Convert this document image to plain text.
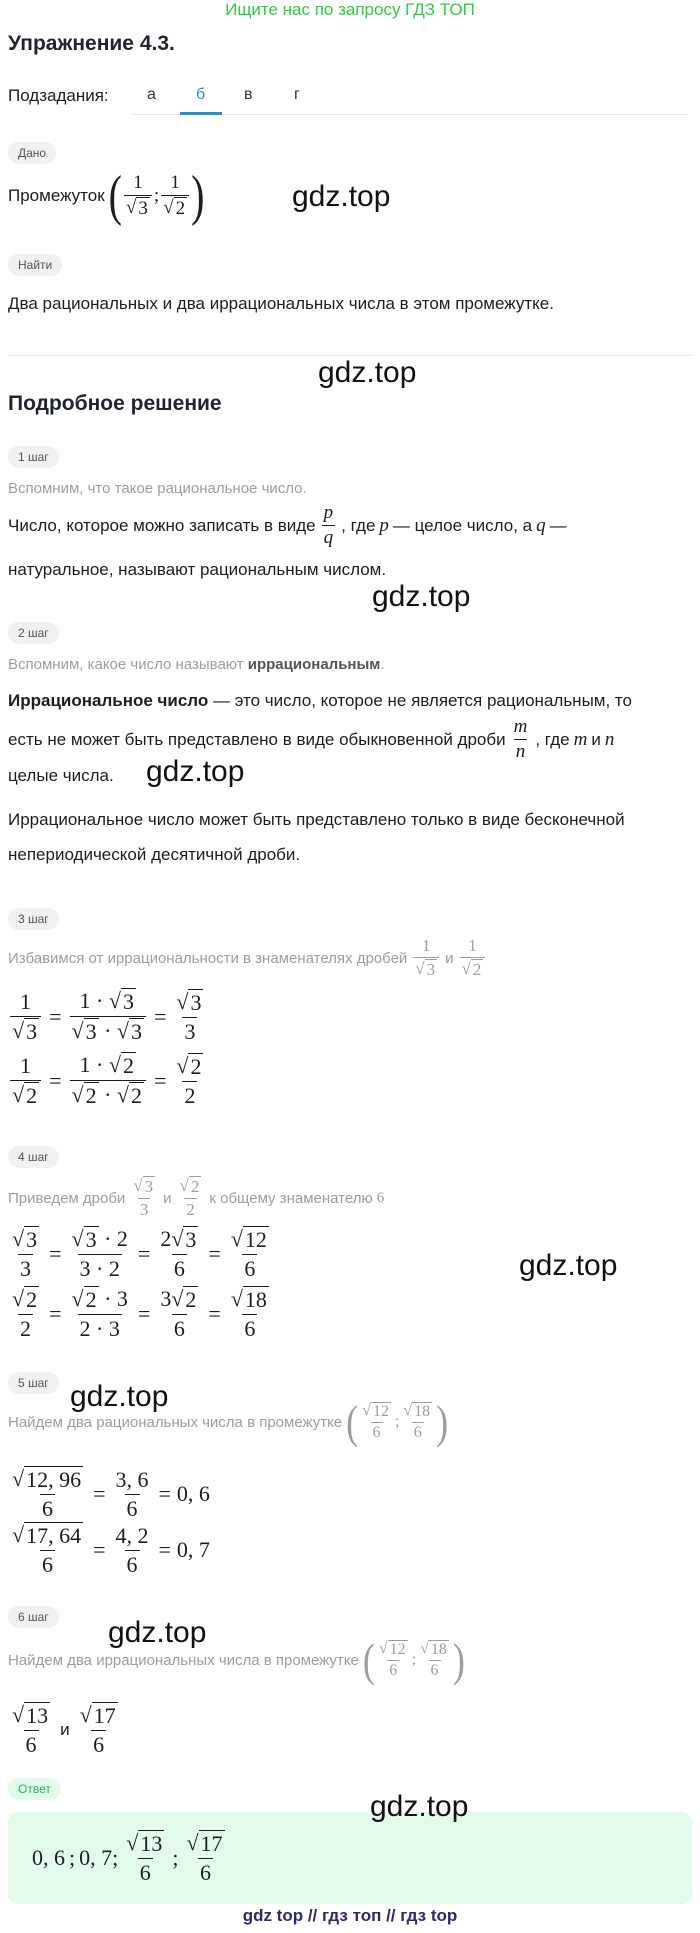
Ищите нас по запросу ГДЗ ТОП
Упражнение 4.3.
Подзадания: а	б в	г
Дано
Промежуток ( $\frac{1}{√ 3}$ ; $\frac{1}{√ 2}$ )	gdz.top
Найти
Два рациональных и два иррациональных числа в этом промежутке.
gdz.top
Подробное решение
1 шаг
Вспомним, что такое рациональное число.
Число, которое можно записать в виде $\frac{p}{q}$ , где p — целое число, а q —
натуральное, называют рациональным числом.
gdz.top
2 шаг
Вспомним, какое число называют иррациональным.
Иррациональное число — это число, которое не является рациональным, то
есть не может быть представлено в виде обыкновенной дроби $\frac{m}{n}$ , где m и n
целые числа. gdz.top
Иррациональное число может быть представлено только в виде бесконечной
непериодической десятичной дроби.
3 шаг
Избавимся от иррациональности в знаменателях дробей $\frac{1}{√ 3}$ и $\frac{1}{√ 2}$
$\frac{1}{√ 3} = \frac{1 \cdot √ 3}{√ 3 \cdot √ 3} = \frac{√ 3}{3}$
$\frac{1}{√ 2} = \frac{1 \cdot √ 2}{√ 2 \cdot √ 2} = \frac{√ 2}{2}$
4 шаг
Приведем дроби $\frac{√ 3}{3}$ и $\frac{√ 2}{2}$ к общему знаменателю 6
$\frac{√ 3}{3} = \frac{√ 3 \cdot 2}{3 \cdot 2} = \frac{2 √ 3}{6} = \frac{√ 12}{6}$	gdz.top
$\frac{√ 2}{2} = \frac{√ 2 \cdot 3}{2 \cdot 3} = \frac{3 √ 2}{6} = \frac{√ 18}{6}$
5 шаг gdz.top
Найдем два рациональных числа в промежутке ( $\frac{√ 12}{6}$ ; $\frac{√ 18}{6}$ )
$\frac{√ 12, 96}{6} = \frac{3, 6}{6} = 0$, 6
$\frac{√ 17, 64}{6} = \frac{4, 2}{6} = 0$, 7
6 шаг	gdz.top
Найдем два иррациональных числа в промежутке ( $\frac{√ 12}{6}$ ; $\frac{√ 18}{6}$ )
$\frac{√ 13}{6}$ и $\frac{√ 17}{6}$
Ответ
gdz.top
0, 6 ; 0, 7; $\frac{√ 13}{6}$ ; $\frac{√ 17}{6}$
gdz top // гдз топ // гдз top
